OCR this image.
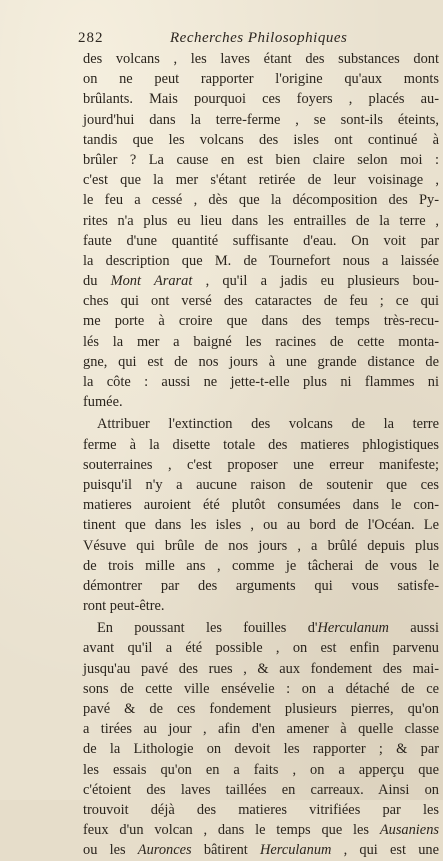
282	Recherches Philosophiques
des volcans , les laves étant des substances dont
on ne peut rapporter l'origine qu'aux monts
brûlants. Mais pourquoi ces foyers , placés au-
jourd'hui dans la terre-ferme , se sont-ils éteints,
tandis que les volcans des isles ont continué à
brûler ? La cause en est bien claire selon moi :
c'est que la mer s'étant retirée de leur voisinage ,
le feu a cessé , dès que la décomposition des Py-
rites n'a plus eu lieu dans les entrailles de la terre ,
faute d'une quantité suffisante d'eau. On voit par
la description que M. de Tournefort nous a laissée
du Mont Ararat , qu'il a jadis eu plusieurs bou-
ches qui ont versé des cataractes de feu ; ce qui
me porte à croire que dans des temps très-recu-
lés la mer a baigné les racines de cette monta-
gne, qui est de nos jours à une grande distance de
la côte : aussi ne jette-t-elle plus ni flammes ni
fumée.
Attribuer l'extinction des volcans de la terre
ferme à la disette totale des matieres phlogistiques
souterraines , c'est proposer une erreur manifeste;
puisqu'il n'y a aucune raison de soutenir que ces
matieres auroient été plutôt consumées dans le con-
tinent que dans les isles , ou au bord de l'Océan. Le
Vésuve qui brûle de nos jours , a brûlé depuis plus
de trois mille ans , comme je tâcherai de vous le
démontrer par des arguments qui vous satisfe-
ront peut-être.
En poussant les fouilles d'Herculanum aussi
avant qu'il a été possible , on est enfin parvenu
jusqu'au pavé des rues , & aux fondement des mai-
sons de cette ville ensévelie : on a détaché de ce
pavé & de ces fondement plusieurs pierres, qu'on
a tirées au jour , afin d'en amener à quelle classe
de la Lithologie on devoit les rapporter ; & par
les essais qu'on en a faits , on a apperçu que
c'étoient des laves taillées en carreaux. Ainsi on
trouvoit déjà des matieres vitrifiées par les
feux d'un volcan , dans le temps que les Ausaniens
ou les Auronces bâtirent Herculanum , qui est une
